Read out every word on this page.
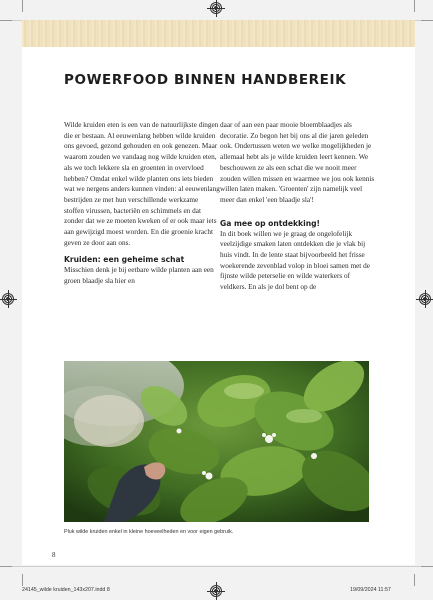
POWERFOOD BINNEN HANDBEREIK

Wilde kruiden eten is een van de natuurlijkste dingen die er bestaan. Al eeuwenlang hebben wilde kruiden ons gevoed, gezond gehouden en ook genezen. Maar waarom zouden we vandaag nog wilde kruiden eten, als we toch lekkere sla en groenten in overvloed hebben? Omdat enkel wilde planten ons iets bieden wat we nergens anders kunnen vinden: al eeuwenlang bestrijden ze met hun verschillende werkzame stoffen virussen, bacteriën en schimmels en dat zonder dat we ze moeten kweken of er ook maar iets aan gewijzigd moest worden. En die groenie kracht geven ze door aan ons.

Kruiden: een geheime schat

Misschien denk je bij eetbare wilde planten aan een groen blaadje sla hier en

daar of aan een paar mooie bloemblaadjes als decoratie. Zo begon het bij ons al die jaren geleden ook. Ondertussen weten we welke mogelijkheden je allemaal hebt als je wilde kruiden leert kennen. We beschouwen ze als een schat die we nooit meer zouden willen missen en waarmee we jou ook kennis willen laten maken. 'Groenten' zijn namelijk veel meer dan enkel 'een blaadje sla'!

Ga mee op ontdekking!

In dit boek willen we je graag de ongelofelijk veelzijdige smaken laten ontdekken die je vlak bij huis vindt. In de lente staat bijvoorbeeld het frisse woekerende zevenblad volop in bloei samen met de fijnste wilde peterselie en wilde waterkers of veldkers. En als je dol bent op de

Pluk wilde kruiden enkel in kleine hoeveelheden en voor eigen gebruik.
8
24145_wilde kruiden_143x207.indd 8	19/09/2024 11:57
